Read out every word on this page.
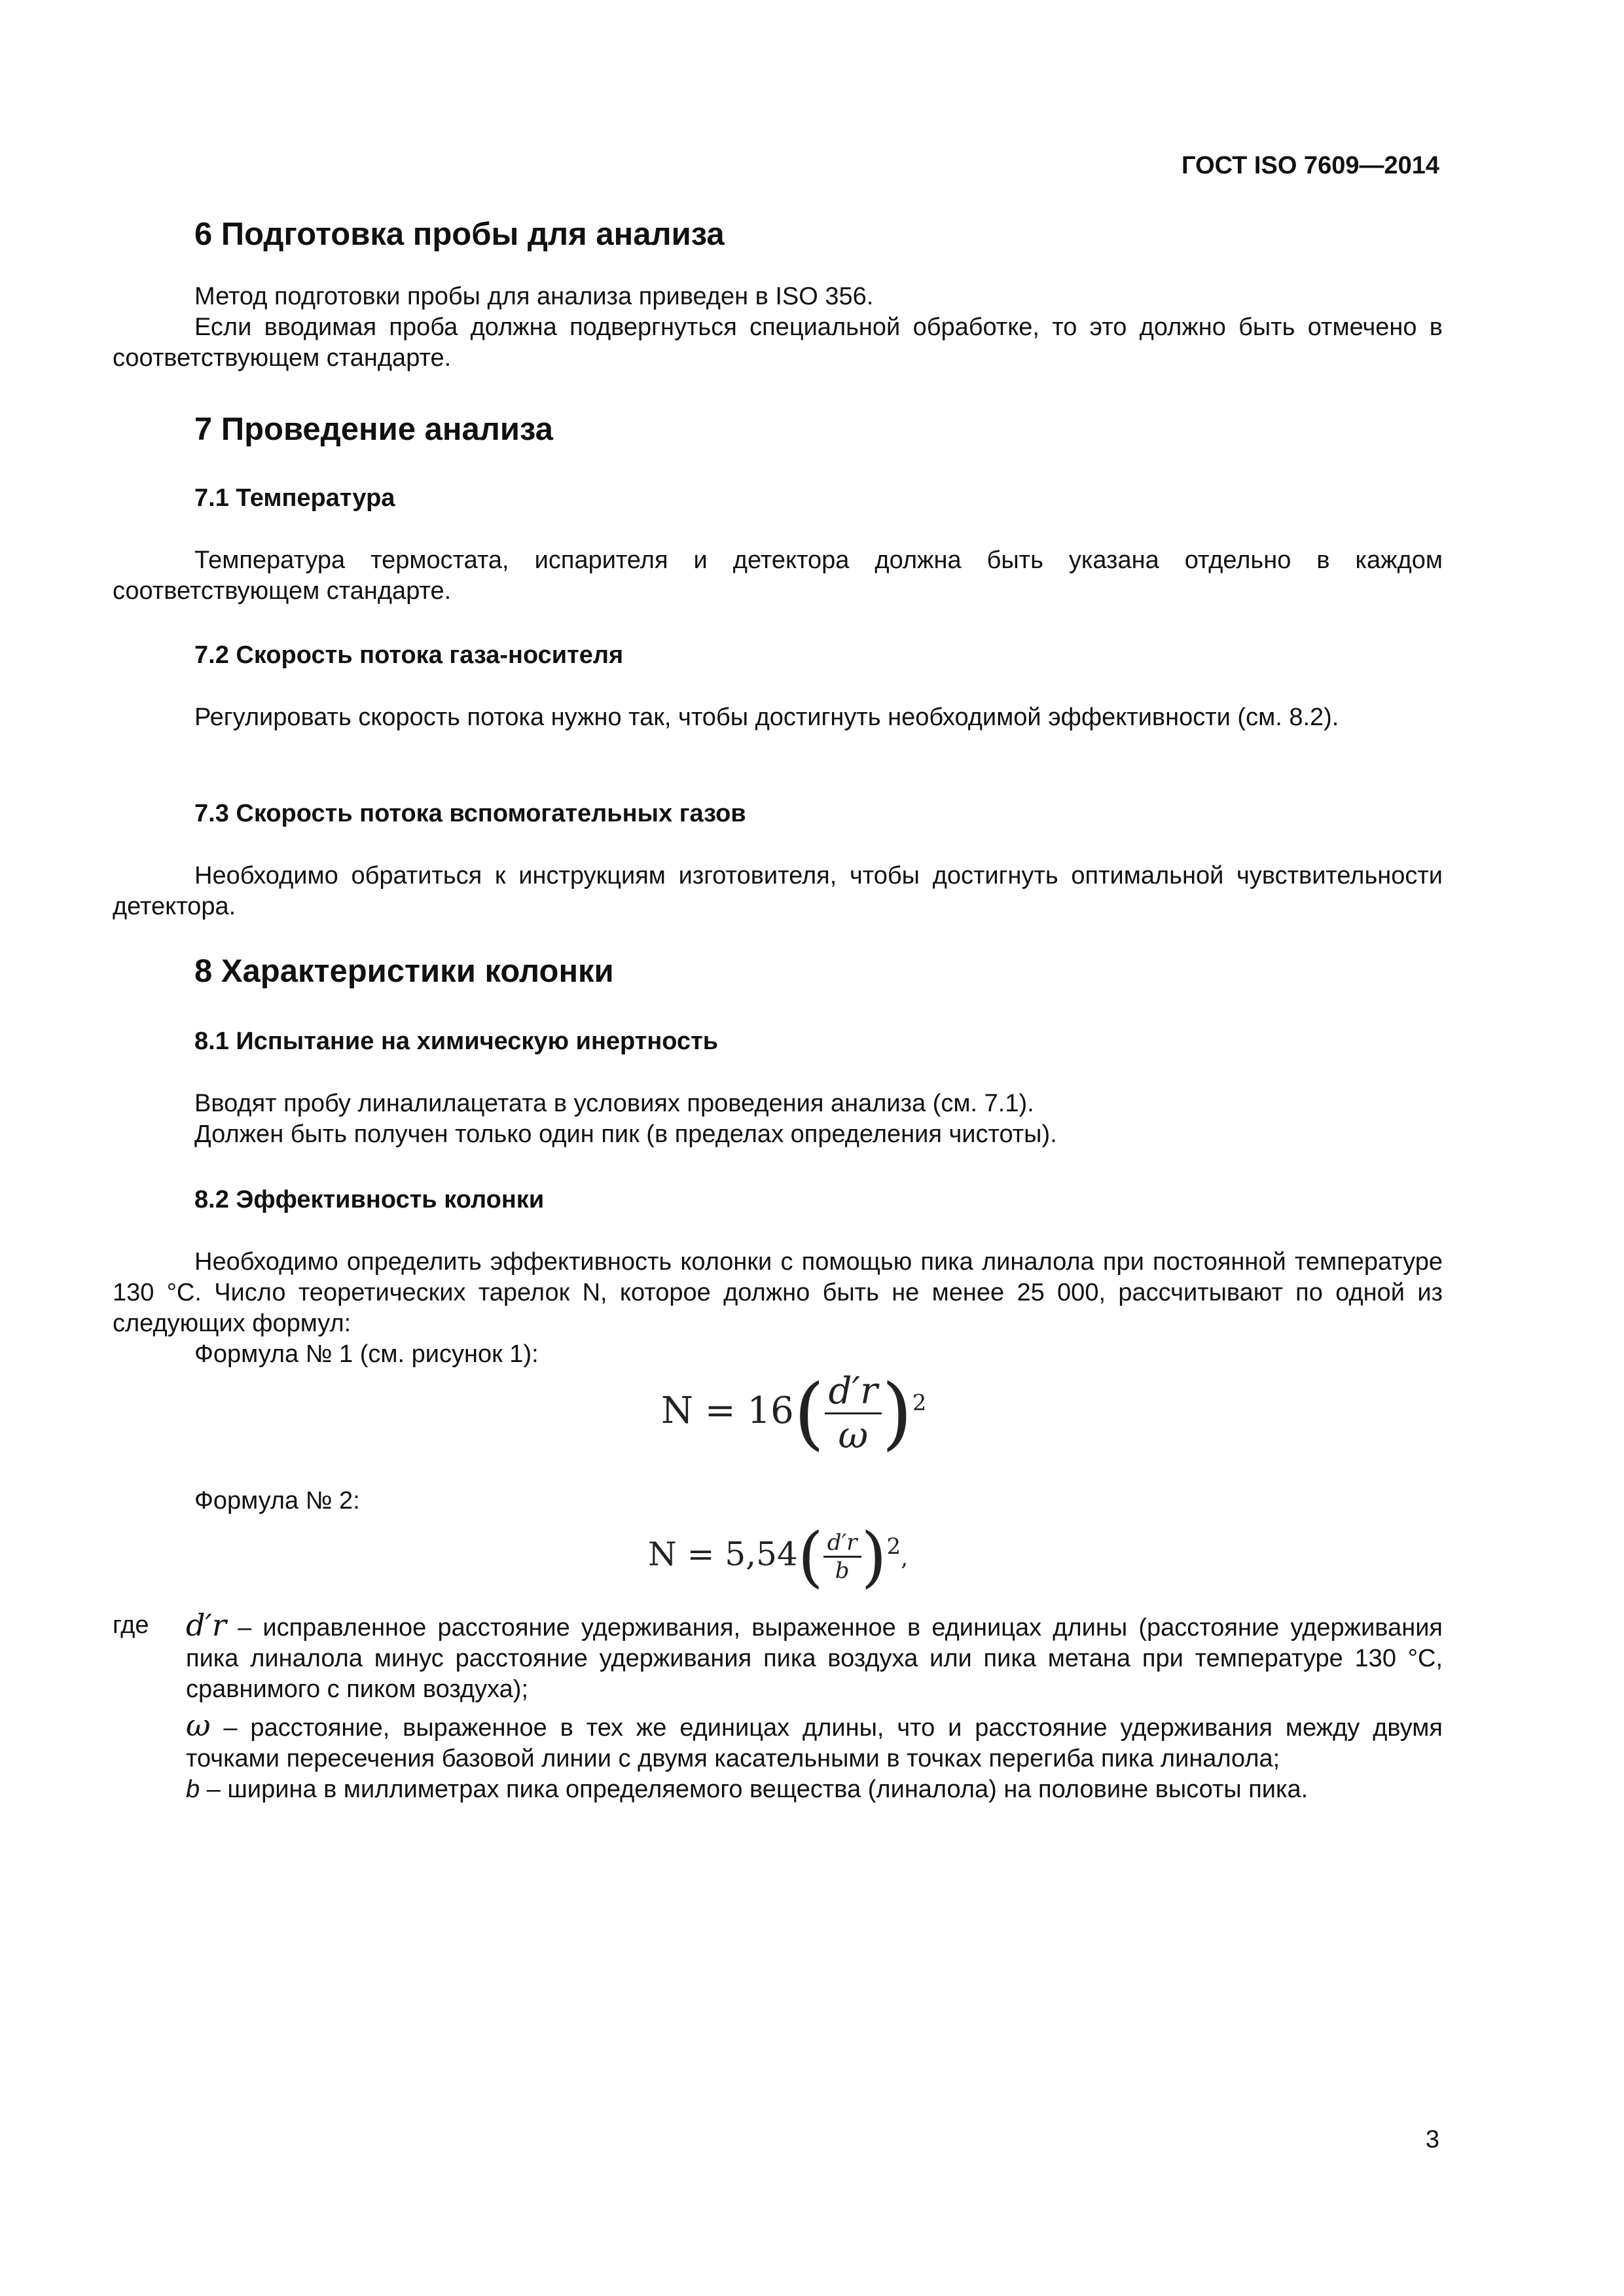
ГОСТ ISO 7609—2014
6 Подготовка пробы для анализа

Метод подготовки пробы для анализа приведен в ISO 356.

Если вводимая проба должна подвергнуться специальной обработке, то это должно быть отмечено в соответствующем стандарте.

7 Проведение анализа
7.1 Температура

Температура термостата, испарителя и детектора должна быть указана отдельно в каждом соответствующем стандарте.

7.2 Скорость потока газа-носителя

Регулировать скорость потока нужно так, чтобы достигнуть необходимой эффективности (см. 8.2).

7.3 Скорость потока вспомогательных газов

Необходимо обратиться к инструкциям изготовителя, чтобы достигнуть оптимальной чувствительности детектора.

8 Характеристики колонки
8.1 Испытание на химическую инертность

Вводят пробу линалилацетата в условиях проведения анализа (см. 7.1).

Должен быть получен только один пик (в пределах определения чистоты).

8.2 Эффективность колонки

Необходимо определить эффективность колонки с помощью пика линалола при постоянной температуре 130 °C. Число теоретических тарелок N, которое должно быть не менее 25 000, рассчитывают по одной из следующих формул:

Формула № 1 (см. рисунок 1):

$N = 16( \frac{d'r}{\omega} )^2$

Формула № 2:

$N = 5,54( \frac{d'r}{b} )^2$,
где d′r – исправленное расстояние удерживания, выраженное в единицах длины (расстояние удерживания пика линалола минус расстояние удерживания пика воздуха или пика метана при температуре 130 °C, сравнимого с пиком воздуха);
ω – расстояние, выраженное в тех же единицах длины, что и расстояние удерживания между двумя точками пересечения базовой линии с двумя касательными в точках перегиба пика линалола;
b – ширина в миллиметрах пика определяемого вещества (линалола) на половине высоты пика.
3
